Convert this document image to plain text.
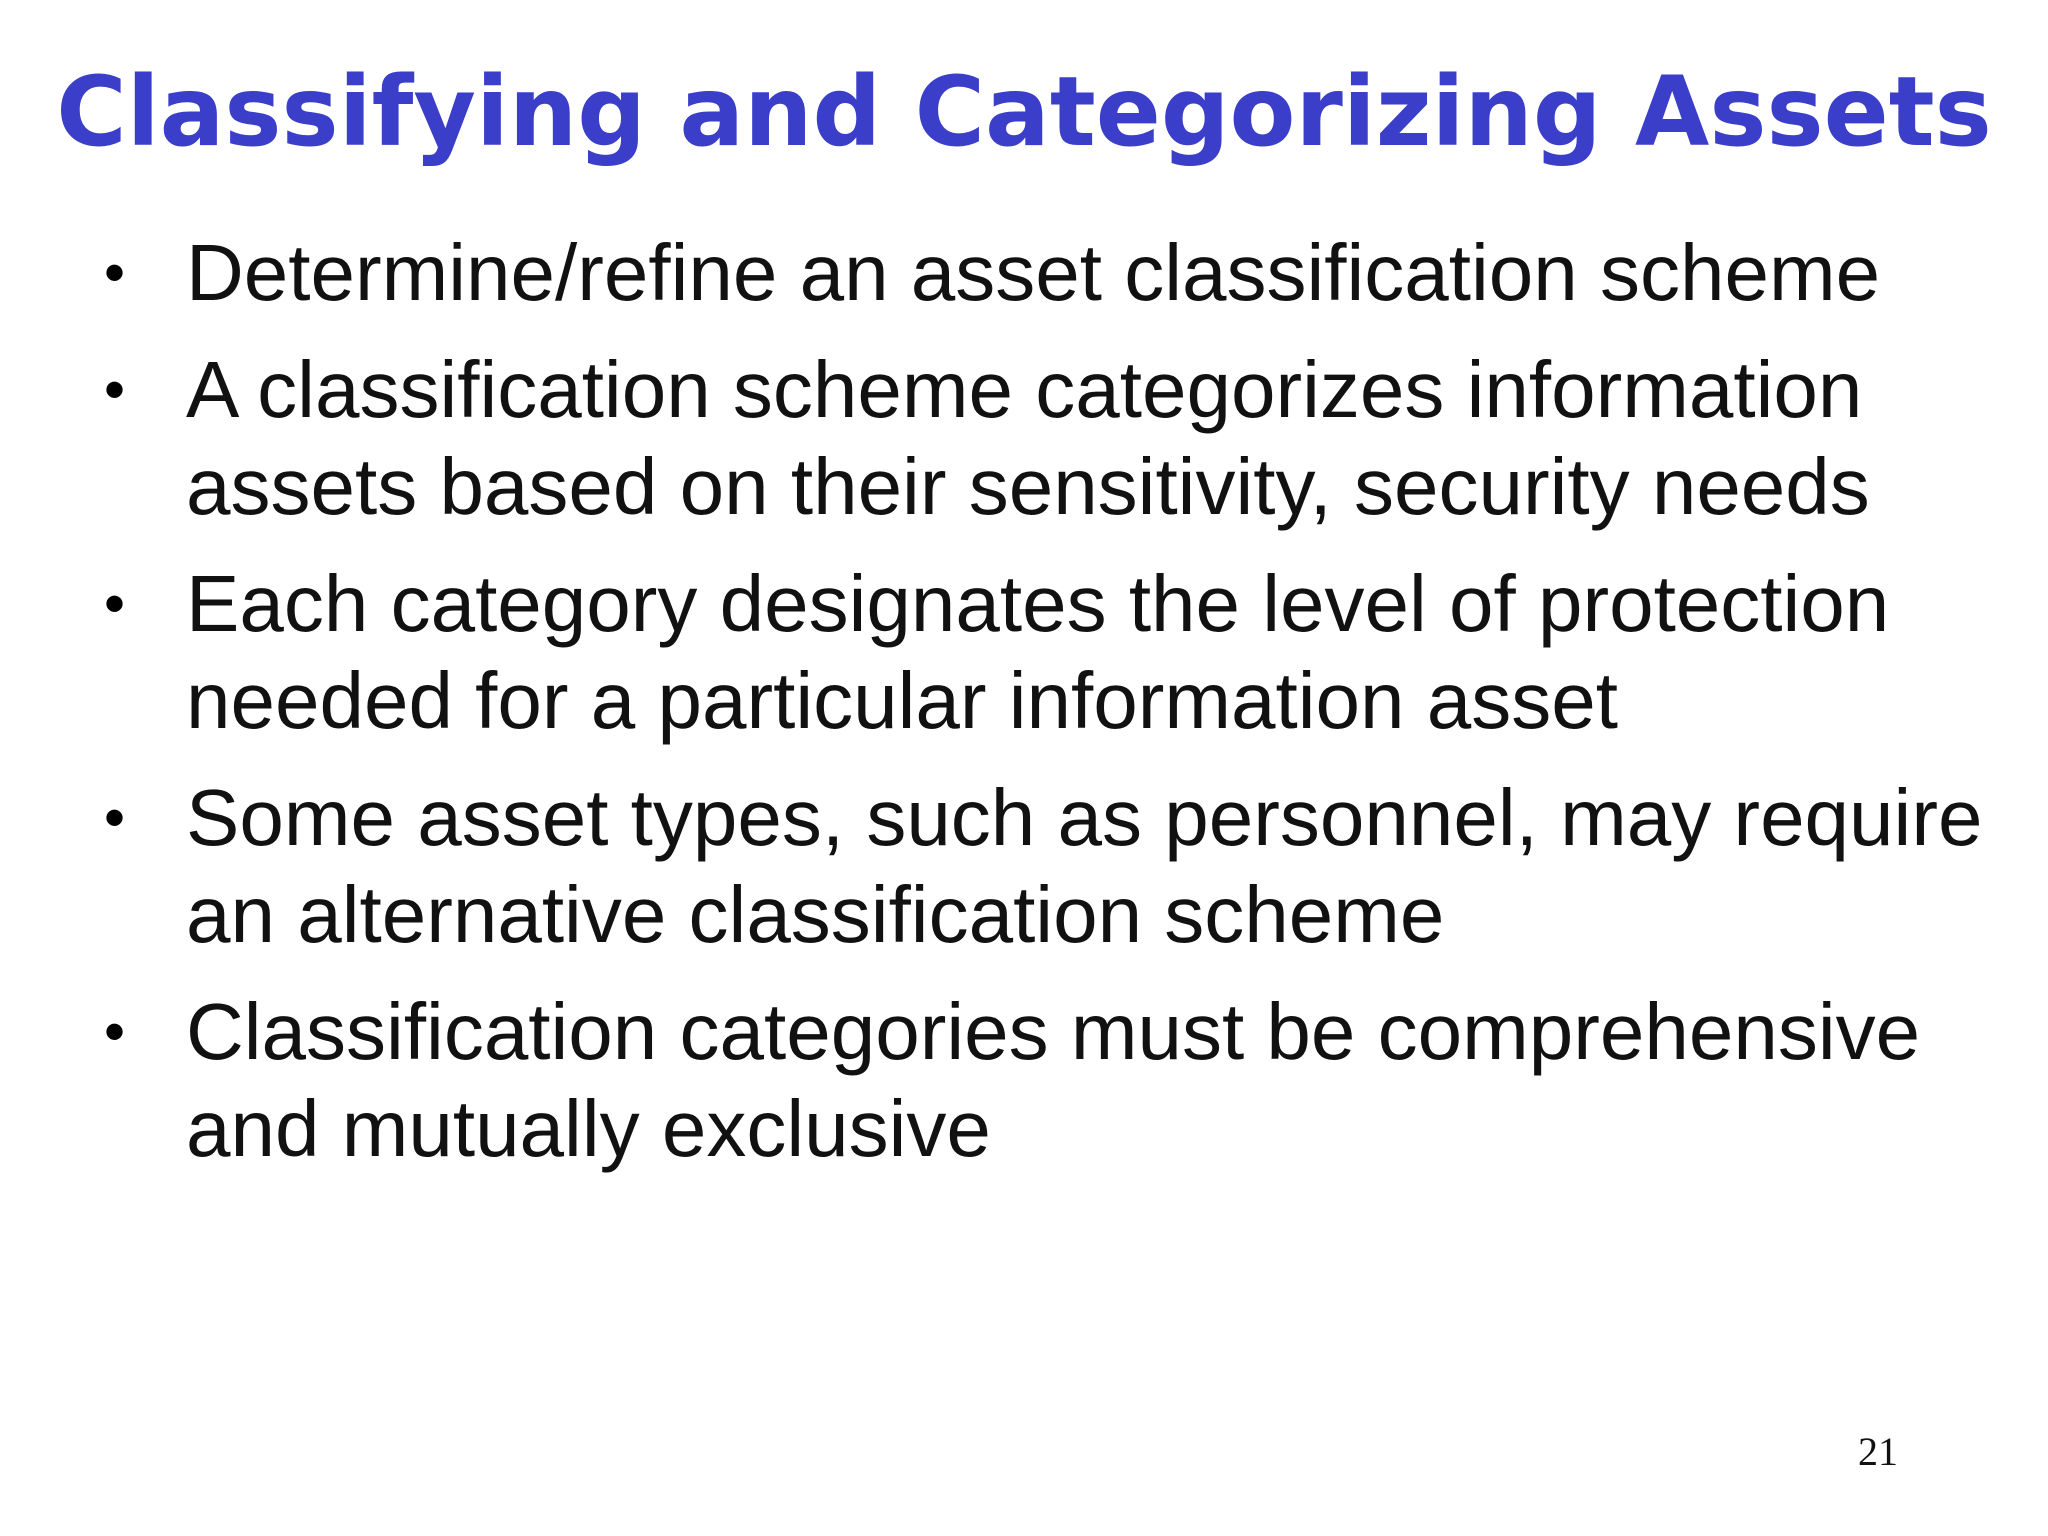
Classifying and Categorizing Assets
• Determine/refine an asset classification scheme
• A classification scheme categorizes information assets based on their sensitivity, security needs
• Each category designates the level of protection needed for a particular information asset
• Some asset types, such as personnel, may require an alternative classification scheme
• Classification categories must be comprehensive and mutually exclusive
21
